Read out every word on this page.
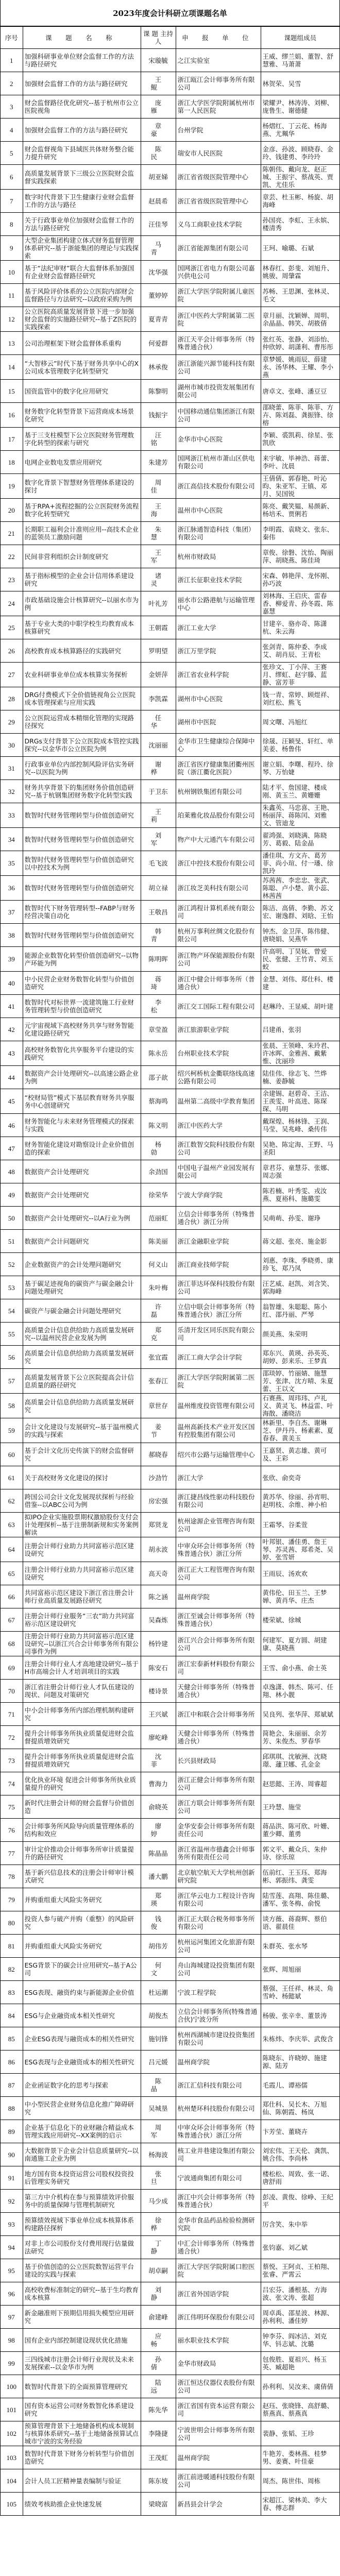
2023年度会计科研立项课题名单
序号	课 题 名 称	课 题 主持人	申 报 单 位	课题组成员
1	加强科研事业单位财会监督工作的方法与路径研究	宋璇毓	之江实验室	王威、缪兰娟、董智、舒慧雅、马萧萧
2	加强财会监督工作的方法与路径研究	王鲲	浙江瓯江会计师事务所有限公司	林贺荣、吴雪
3	财会监督路径优化研究--基于杭州市公立医院视角	庞雁	浙江大学医学院附属杭州市第一人民医院	梁耀尹、林涛涛、刘柳、庞鲁生、谢德健
4	加强财会监督工作的方法与路径研究	章豪	台州学院	杨熠红、丁云花、杨海燕、尤珮华
5	财会监督视角下县域医共体财务整合能力提升研究	陈民	瑞安市人民医院	金彦、孙波、顾晓春、金玲、钱建勇、李玲玲
6	高质量发展背景下三级公立医院财会监督实践探索	胡亚娣	浙江省省级医院管理中心	陈朝伟、戴向龙、赵正城、王振宇、蔡战英、贾凯、尤佳乐
7	数字时代背景下卫生健康行业财会监督工作的方法与路径	赵晨希	浙江省省级医院管理中心	章芸、杜玉彬、杨旋、胡海峰
8	关于行政事业单位加强财会监督工作的方法与路径研究	汪佳琴	义乌工商职业技术学院	孙国亮、李虹、王永嫔、楼清秀
9	大型企业集团构建立体式财务监督管理体系研究--基于浙能集团的理论与实践探索	马青	浙江省能源集团有限公司	王珂、喻璐、石斌
10	基于“法纪审财”联合大监督体系加强国有企业财会监督路径研究	沈华强	国网浙江省电力有限公司嘉兴供电公司	林春红、彭斐、刘旭升、姚骏、周肇霖
11	基于风险评价体系的公立医院内部财会监督路径与方法研究--以政府采购为例	董婷婷	浙江大学医学院附属儿童医院	苏畅、王思渊、张林灵、毛文
12	公立医院高质量发展背景下进一步加强财会监督的实施路径研究--基于Z医院的实践探索	夏青青	浙江中医药大学附属第二医院	章月丽、沈颖婵、周明、余晶晶、韩笑、胡筱倩
13	公司治理框架下财会监督体系重构	何爱群	浙江天平会计师事务所（特殊普通合伙）	张红英、张静、刘添怡、仲欣婷、胡潇利、曹彤彤
14	“大智移云”时代下基于财务共享中心的X公司成本管理数字化转型研究	林承俊	浙江浙能兴源节能科技有限公司	章梦媛、姚雨辰、薛建永、汤华林、王耀、李小燕
15	国资监管中的数字化应用研究	陈黎明	湖州市城市投资发展集团有限公司	唐卓文、张峰、潘豆豆
16	财务数字化转型背景下运营商成本场景化研究	钱振宇	中国移动通信集团浙江有限公司	邵晓蕾、陈菲、陈菲、方卉、陈刘磊、龚振锋、徐榕
17	基于三支柱模型下公立医院财务管理数字化转型的探索与研究	汪铭	金华市中心医院	李颖、裘凯莉、徐星、张凯欣
18	电网企业数电发票应用研究	朱建芳	国网浙江杭州市萧山区供电有限公司	来宇敏、毕神浩、蒋蕾、李叶、沈晨
19	数字化背景下智慧财务管理体系建设的探讨	周佳	浙江高信技术股份有限公司	王倩倩、郭春艳、叶沁昀、朱亚军、王镇、邓月、吴国锐
20	基于RPA+流程挖掘的公立医院财务流程数字化转型研究	王海	温州市中心医院	陈亮、戴笑韫、易颜新、杨培禾、贾俐若
21	长期职工福利会计准则应用--高技术企业的蓝领员工激励问题	朱慧	浙江脉通智造科技（集团）有限公司	李明霞、袁晓文、张东、秦伟
22	民间非营利组织会计制度研究	王军	杭州市财政局	章俊、徐磐、沈怡、陶丽萍、胡晓燕、陈佳琦
23	基于指标模型的企业会计信用体系建设研究	诸灵	浙江长征职业技术学院	宋森、韩艳萍、龙怀刚、孙巧波
24	市政基础设施会计核算研究--以丽水市为例	叶礼芳	丽水市公路港航与运输管理中心	刘林海、王启庆、雷春香、柳爱青、孙冬霞、陈嘉慧
25	基于专业大类的中职学校生均教育成本核算研究	王朝霞	浙江工业大学	甘建辛、骆亦奇、陈潇杭、朱云海
26	高校教育成本核算路径的实践研究	罗明望	浙江万里学院	张剑青、陈仲委、李成艾、胡肖辰、王青松
27	农业科研事业单位成本核算实务探析	金妍萍	浙江省农业科学院	张珍文、丁小萍、王赛月、缪虹、赵宇滕、蓝静、富芳菲
28	DRG付费模式下全价值链视角公立医院成本管理探索与应用实践	李凯霖	湖州市中心医院	钱一青、常婷、顾煜祥、刘红松、熊飞
29	公立医院运营成本精细化管理的实现路径探究	任华	湖州市中医院	周文曙、冯旭红
30	DRGs支付背景下公立医院成本管控实践探究--以金华市公立医院为例	沈丽丽	金华市卫生健康综合保障中心	徐晟、汪颖旻、轩红、单美姜、杨鲁伟
31	行政事业单位内部控制风险评估实务研究--以医院为例	谢桦	浙江省医疗健康集团衢州医院（浙江衢化医院）	谢立娟、李曙、程玲、徐琴、万怡婕
32	财务共享背景下的集团财务价值创造研究--基于杭钢集团财务数字化转型实践	于卫东	杭州钢铁集团有限公司	陆才平、詹国建、楼成刚、黄玉兰、黄姗姗
33	数智时代财务管理转型与价值创造研究	王莉	珀莱雅化妆品股份有限公司	朱鑫英、马忠喜、王艳、杨丽萍、蒋陈闰、刘雅文、管迪龙
34	数智时代财务管理转型与价值创造研究	刘军	物产中大元通汽车有限公司	翟鸿强、刘晓满、陈晓芳、葛毅、陆金晶
35	数智时代财务管理转型与价值创造研究以中控技术为例	毛飞波	浙江中控技术股份有限公司	潘佳琪、方文卉、葛芳菲、尚小瑄、付一璠、徐凯玲
36	数智时代财务管理转型与价值创造研究	胡立禄	浙江妆芝美科技有限公司	苏茜茜、李忠忠、张武、陈聪、卢小楚、黄小蕊、林茜茜
37	数智时代下财务管理转型--FABP与财务经营决策自动化	王敬昌	浙江鸿程计算机系统有限公司	陈洁、高倩、李勤、苏文宏、谢逸群、刘晗、王怡
38	数智时代财务管理转型与价值创造研究	韩青	杭州万事利丝绸文化股份有限公司	钟杰、金卫萍、陈伟健、唐晓娟、吴燕华
39	能源企业数智化转型价值创造研究--以物产环能为例	陈明晖	浙江物产环保能源股份有限公司	许高明、丁昊妩、曾爱民、张健、王竹青、刘玉蛟
40	中小民营企业财务数智化转型与价值创造研究	蒋琦	浙江中健会计师事务所（普通合伙）	金慧、刘伟、郑仕科、楼建
41	数智时代对标世界一流建筑施工行业财务管理转型与价值创造研究	李松	浙江交工国际工程有限公司	赵琳玲、王显威、胡叶建
42	元宇宙视域下高校财务共享与财务智能化建设路径研究	章莹盈	浙江旅游职业学院	吕建甬、张羽
43	高校财务数智化共享服务平台建设的实践研究	陈永岳	台州职业技术学院	张晨、王领峰、朱玲君、许冰晖、金雅茜、戴紫惟、沈丽珍
44	数据资产会计处理研究--以高速公路企业为例	邵子歆	绍兴柯桥杭金衢联络线高速公路有限公司	陆佳伟、徐志飞、竺烨楠、姜静毓
45	“校财局管”模式下基层教育财务共享服务中心创建研究	蔡海鸣	温州第二高级中学教育集团	余建锡、赵碧奇、王洁、王羡雯、叶高进、陈琛琛、马明
46	财务智能化与未来财务管理模式的探索与实践	陈义明	浙江中医药大学	戴琛煌、杨林锋、王润、马莹、吴兆峰、桑传伟
47	财务智能化建设对勘察设计企业价值创造的探索	杨勍	浙江数智交院科技股份有限公司	吴艳、陈定海、王野、马圣阳
48	数据资产会计处理研究	余劲国	中国电子温州产业园发展有限公司	章君芬、童慧芬、张娜、周志强
49	数据资产会计处理研究	徐荣华	宁波大学商学院	陈若楠、叶秀雯、戎汝燕、夏裕科、施璐雯
50	数据资产会计处理研究--以A行业为例	范丽虹	立信会计师事务所（特殊普通合伙）浙江分所	吴萌萌、孙雯、谢琤
51	数据资产会计问题研究	陈美丽	浙江金融职业学院	蒋文超、张亮、施金影
52	企业数据资产的会计处理问题研究	何义山	浙江商业技师学院	刘惠、李珠、季晓勇、康珍飞、郑乃凤
53	基于碳足迹视角的碳资产与碳金融会计问题处理研究	朱叶梅	浙江菲达环保科技股份有限公司	汪艺威、赵凯、刘含笑、郭海峰
54	碳资产与碳金融会计问题处理研究	许磊	立信中联会计师事务所（特殊普通合伙）浙江分所	翁智雄、朱聪聪、陈小红、邵丹丽、严琴
55	高质量会计信息供给助力高质量发展研究--以温州民营企业发展为例	郑克	乐清开发区同乐医院有限公司	颜美燕、朱荣明
56	高质量会计信息供给助力高质量发展研究	张宜霞	浙江工商大学会计学院	郑东兴、黄瑛、孙英英、胡婷、彭来乐、王梦真
57	高质量发展背景下公立医院提高会计信息质量的路径研究	张春江	浙江大学医学院附属第二医院	邵琰婷、竹丽婧、施慧芳、张津、沈方晴、朱夏蕾、王以文
58	高质量会计信息供给助力高质量发展研究	章世存	温州维度投资管理有限公司	石赛燕、周玮玮、卢礼义、黄灵飞、林益雷、叶海散、潘晓洁
59	会计文化建设与发展研究--基于温州模式的实践与探索	姜节	温州高新技术产业开发区国有控股集团有限公司	林新里、李自杰、谢琳芝、伊丹丹、杨素素、夏春春、黄美玉
60	基于会计文化历史传演下的财会监督研究	郝晓春	绍兴市公路与运输管理中心	王嘉贤、黄志雄、黄可及、王彩
61	关于高校财务文化建设的探讨	沙劲竹	浙江大学	张欣、俞奕奇
62	跨国公司会计文化发展现状探析与经验借鉴--以ABC公司为例	房宏强	浙江捷昌线性驱动科技股份有限公司	黄苏华、徐丽、孙宵明、赵明枝、余维、神小柏
63	拟IPO企业实施股票期权激励股份支付会计处理探析--基于注册制新规和实务案例解读	郑贤龙	杭州途源企业管理咨询有限公司	王霜琴、谷柔萱
64	注册会计师行业助力共同富裕示范区建设研究	胡永波	中审众环会计师事务所（特殊普通合伙）浙江分所	叶邦银、潘佳勇、詹王琴、苏灵茜、郑希尧、吴婷、张雪妍
65	注册会计师行业助力共同富裕示范区建设研究	高天奇	浙江正大工程管理咨询有限公司	王雨辰、汤欢欢
66	共同富裕示范区建设下浙江省注册会计师行业高质量发展路径研究	陈之涵	温州商学院	黄伟伦、田玉兰、王梦婵、黄肖华、庄杰
67	注册会计师行业服务“三农”助力共同富裕示范区建设研究	吴森炼	浙江至诚会计师事务所（特殊普通合伙）	楼荣斌、徐城
68	注册会计师行业助力共同富裕示范区建设研究--以浙江兴合会计师事务所有限公司事件为例	杨铃建	浙江兴合会计师事务所有限公司	何建军、夏方圆、胡建康、莫晓燕
69	注册会计师行业人才高地建设研究--基于H市高端会计人才培训项目的实践	陈安石	浙江宏泰新材料股份有限公司	王雪、俞小燕、俞士英
70	浙江省注册会计师行业人才队伍建设的现状、问题及对策研究	楼诗景	天健会计师事务所（特殊普通合伙）	卓逸潇、韩杰、陈可、任翔、林小靓
71	中小会计师事务所内部治理机制构建研究	王兴斌	浙江中和联合会计师事务所	吴良列、张华萍、郑斌斌
72	提升会计师事务所执业质量促进财会监督提质增效研究	廖屹峰	天健会计师事务所（特殊普通合伙）	简艳会、朱丽丽、余芳芳、朱俊杰、罗春华
73	提升会计师事务所执业质量促进财会监督提质增效研究	沈菲	长兴县财政局	邱琪琪、沈敏洲、沈晓璟、蘧卫娜、孔金金
74	优化执业环境 促进会计师事务所执业质量提升的研究	曹海力	浙江正健会计师事务所有限公司	赵思懿、王涛、周睿超
75	新时代注册会计师的财会监督与价值创造	俞晓英	浙江方联会计师事务所有限公司	王玲慧、施莹
76	会计师事务所风险导向质量管理体系的结构和效应	廖婷	金华安泰会计师事务所有限责任公司	蒋品洪、陈可欣、叶姗、董少卿、董勇
77	审计定价推动会计师事务所审计质量提升的路径研究	陈晶晶	浙江省温州市德鑫会计师事务所有限责任公司	郭文平、戴众兵、朱仲诗、徐乐琼
78	基于新兴信息技术的注册会计师审计模式研究	潘大鹏	北京航空航天大学杭州创新研究院	伍前红、王玉珏、郑海彬、郭振纬、龚雯
79	并购重组重大风险实务研究	郑瑛	浙江华云电力工程设计咨询有限公司	陆雪莲、高翔、陈佳璐、潘军、张冬梅、俞悦
80	投资人参与破产并购（重整）的风险研究	钱俊	浙江正大联合税务师事务所有限公司	谈方薇、蒋裔辉、蔡伯语、翟晨佳
81	并购重组重大风险实务研究	胡伟芳	杭州运河集团文化旅游有限公司	朱群英、张水琴
82	ESG背景下的碳会计应用研究--基于A公司	何文	舟山海城建设投资集团有限公司	张辉、周旭丽
83	ESG表现、融资约束与新能源企业价值	杜运潮	宁波工程学院	蔡强、王任祥、林灵、角雪岭、杨懿斌
84	ESG与企业融资成本相关性研究	胡俊杰	立信会计师事务所(特殊普通合伙)宁波分所	杨骏、张辛幸、董景涛
85	企业ESG表现与融资成本的相关性研究	施钊锋	杭州西湖城市建设投资集团有限公司	朱栋炜、李庆举、武俊含
86	ESG表现与企业融资成本的相关性研究	吕元媛	温州商学院	陈晓东、许晓婷、施建源、陆芳
87	企业函证数字化的思考与探索	陈晶	浙江汇信科技有限公司	毛霞儿、谭裕儒
88	中小型民营企业财务信息化推广障碍研究	吴城垦	杭州楚环科技股份有限公司	郑仕科、吴长木、万旭仙、陈朝霞、杨岚
89	企业基于信息化下的业财融合精益成本管理实践应用研究--XX案例的启示	周军	中审众环会计师事务所（特殊普通合伙）浙江分所	卞芳莹、董晓卉
90	大数据背景下企业会计信息质量研究--以南通施工企业为例	杨海波	核工业井巷建设集团有限公司	刘宏伟、王天伦、龚凯、姚合伟、李尚林
91	地方国有资本投资运营公司股权投资投后管理实务研究	张旦	宁波通商集团有限公司	楼松松、周致、张一诺、唐舒雨
92	第三方中介机构在参与预算绩效评价服务中的质量保障与管理机制研究	马少成	浙江中兴会计师事务所（特殊普通合伙）	彭凌、黄俊、徐峥、王纪平
93	预算绩效视域下事业单位成本核算体系构建路径探析	徐桦	金华市食品药品检验检测研究院	厉含笑、朱中举
94	对非上市公司股份支付费用现行估量做法研究	丁静	中汇会计师事务所（特殊普通合伙）	张钧嘉、刘乙斌
95	基于价值创造的公立医院数智运营平台建设的实践与探索	胡卓嗣	浙江大学医学院附属口腔医院	蔡悦、王阿贞、王柏翔、张睿、严霄云
96	高校收费标准制定的研究--基于生均教育成本核算	刘静	浙江省外国语学院	吕宏芬、潘根基、方海波、张文涛、张超
97	新金融准则下预期信用损失模型应用研究	俞建峰	浙江伟明环保股份有限公司	周卓禹、邵星波、林源、孙利利、潘佳婷
98	国有企业内部控制建设现状优化措施	应畅	丽水职业技术学院	钟李芬、阎冰洁、刘克华、钭志斌、沈璐
99	三四线城市注册会计师行业现状及未来发展探索--以金华市为例	孙倩	金华市财政局	包俊胜、夏祖兴、杨玉英、臧超艳
100	数智时代背景下的全面预算管理研究	陆远	浙江恒达仪器仪表股份有限公司	孙利利、吴汝来、虞倩倩
101	国有资本运营公司财务数智化体系建设研究	陈先华	浙江省国有资本运营有限公司	赵珏、张晓锋、高舒璐、蔡燕真、蔡燕真
102	预算管理背景下土地储备机构成本规制与核算体系研究--基于土地储备预算试点城市宁波的实务经验	李隆捷	宁波世明会计师事务所有限公司	裴静、张韬、王珍
103	数智时代背景下财务分析转型与价值创造研究	王茂虹	温州商学院	牛艳芳、娄林燕、桂梦男、姜赛、叶佳豪
104	会计人员工匠精神量表编制与验证	陈东坡	浙江前进暖通科技股份有限公司	周杰、陈世伟、周栋
105	绩效考核助推企业快速发展	梁晓富	新昌县会计学会	宋超江、梁林美、李大春、傅志群
